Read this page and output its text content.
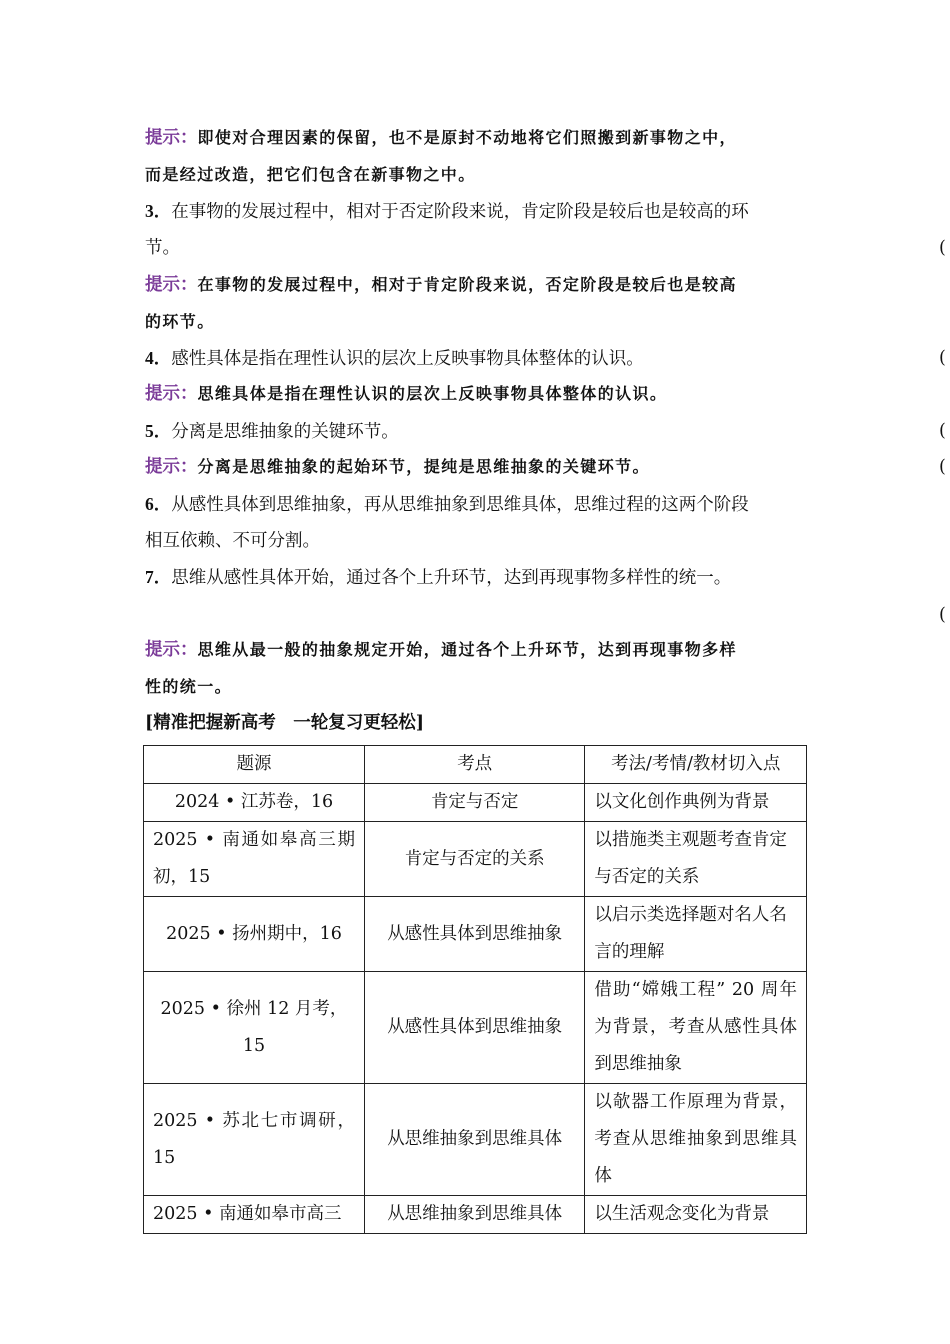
提示：即使对合理因素的保留，也不是原封不动地将它们照搬到新事物之中，
而是经过改造，把它们包含在新事物之中。
3．在事物的发展过程中，相对于否定阶段来说，肯定阶段是较后也是较高的环
节。	(
提示：在事物的发展过程中，相对于肯定阶段来说，否定阶段是较后也是较高
的环节。
4．感性具体是指在理性认识的层次上反映事物具体整体的认识。	(
提示：思维具体是指在理性认识的层次上反映事物具体整体的认识。
5．分离是思维抽象的关键环节。	(
提示：分离是思维抽象的起始环节，提纯是思维抽象的关键环节。	(
6．从感性具体到思维抽象，再从思维抽象到思维具体，思维过程的这两个阶段
相互依赖、不可分割。
7．思维从感性具体开始，通过各个上升环节，达到再现事物多样性的统一。
(
提示：思维从最一般的抽象规定开始，通过各个上升环节，达到再现事物多样
性的统一。
[精准把握新高考　一轮复习更轻松]
题源	考点	考法/考情/教材切入点
2024 • 江苏卷，16	肯定与否定	以文化创作典例为背景
2025 • 南通如皋高三期初，15	肯定与否定的关系	以措施类主观题考查肯定与否定的关系
2025 • 扬州期中，16	从感性具体到思维抽象	以启示类选择题对名人名言的理解
2025 • 徐州 12 月考，15	从感性具体到思维抽象	借助“嫦娥工程” 20 周年为背景，考查从感性具体到思维抽象
2025 • 苏北七市调研，15	从思维抽象到思维具体	以欹器工作原理为背景，考查从思维抽象到思维具体
2025 • 南通如皋市高三	从思维抽象到思维具体	以生活观念变化为背景
